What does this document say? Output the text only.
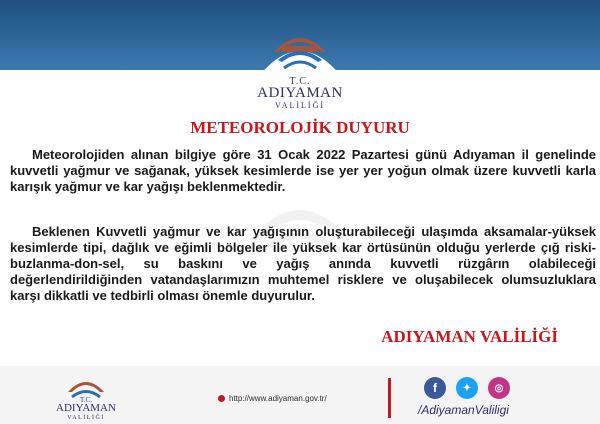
T.C.
ADIYAMAN
VALİLİĞİ
METEOROLOJİK DUYURU
Meteorolojiden alınan bilgiye göre 31 Ocak 2022 Pazartesi günü Adıyaman il genelinde kuvvetli yağmur ve sağanak, yüksek kesimlerde ise yer yer yoğun olmak üzere kuvvetli karla karışık yağmur ve kar yağışı beklenmektedir.
Beklenen Kuvvetli yağmur ve kar yağışının oluşturabileceği ulaşımda aksamalar-yüksek kesimlerde tipi, dağlık ve eğimli bölgeler ile yüksek kar örtüsünün olduğu yerlerde çığ riski-buzlanma-don-sel, su baskını ve yağış anında kuvvetli rüzgârın olabileceği değerlendirildiğinden vatandaşlarımızın muhtemel risklere ve oluşabilecek olumsuzluklara karşı dikkatli ve tedbirli olması önemle duyurulur.
ADIYAMAN VALİLİĞİ
T.C.
ADIYAMAN
VALİLİĞİ
http://www.adiyaman.gov.tr/
f	✦	◎
/AdiyamanValiligi
